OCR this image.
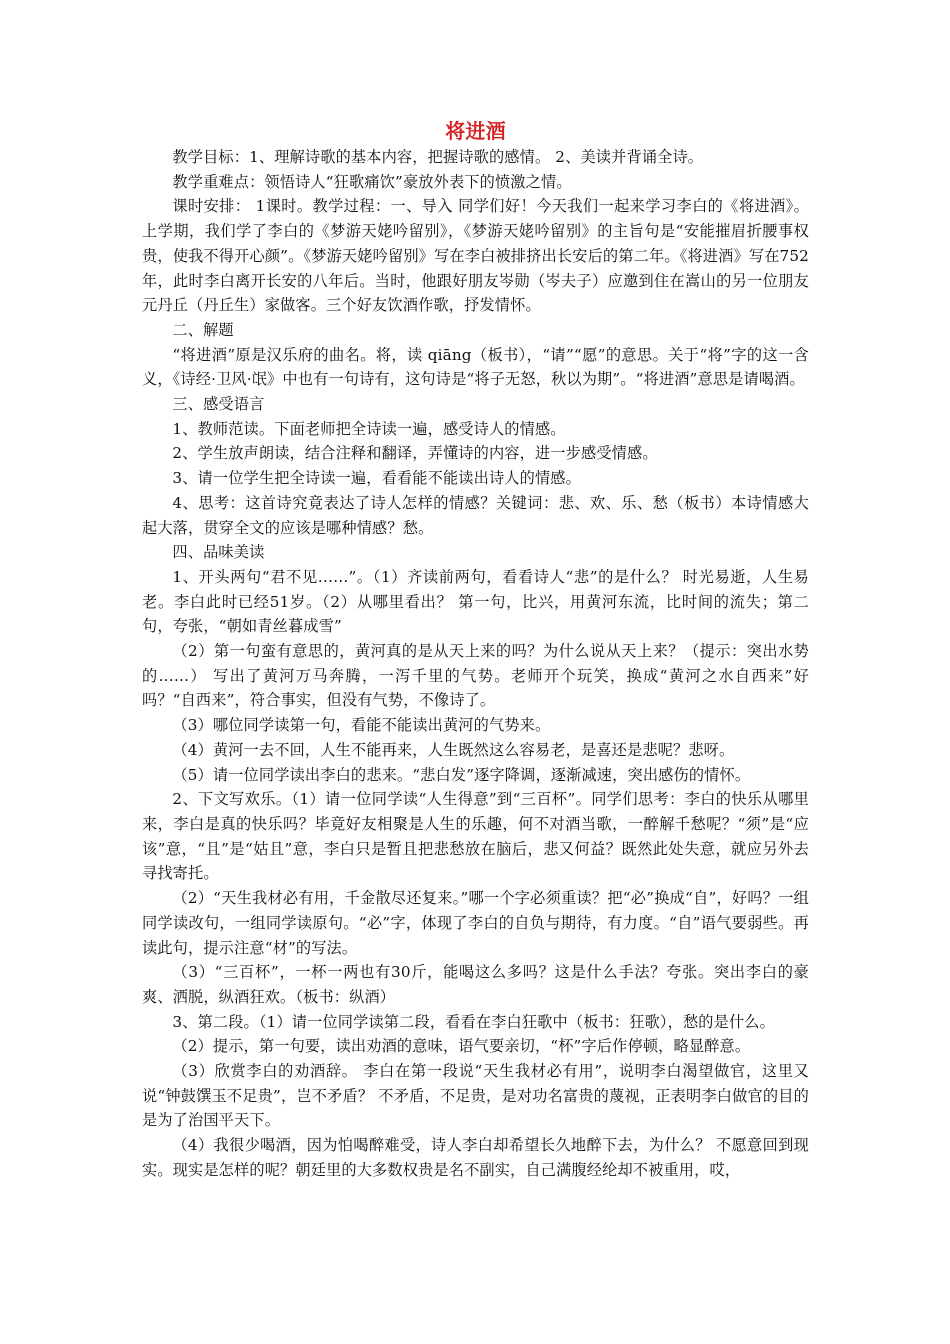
将进酒

教学目标：1、理解诗歌的基本内容，把握诗歌的感情。 2、美读并背诵全诗。

教学重难点：领悟诗人“狂歌痛饮”豪放外表下的愤激之情。

课时安排： 1课时。教学过程：一、导入 同学们好！今天我们一起来学习李白的《将进酒》。上学期，我们学了李白的《梦游天姥吟留别》，《梦游天姥吟留别》的主旨句是“安能摧眉折腰事权贵，使我不得开心颜”。《梦游天姥吟留别》写在李白被排挤出长安后的第二年。《将进酒》写在752年，此时李白离开长安的八年后。当时，他跟好朋友岑勋（岑夫子）应邀到住在嵩山的另一位朋友元丹丘（丹丘生）家做客。三个好友饮酒作歌，抒发情怀。

二、解题

“将进酒”原是汉乐府的曲名。将，读 qiāng（板书），“请”“愿”的意思。关于“将”字的这一含义，《诗经·卫风·氓》中也有一句诗有，这句诗是“将子无怒，秋以为期”。“将进酒”意思是请喝酒。

三、感受语言

1、教师范读。下面老师把全诗读一遍，感受诗人的情感。

2、学生放声朗读，结合注释和翻译，弄懂诗的内容，进一步感受情感。

3、请一位学生把全诗读一遍，看看能不能读出诗人的情感。

4、思考：这首诗究竟表达了诗人怎样的情感？关键词：悲、欢、乐、愁（板书）本诗情感大起大落，贯穿全文的应该是哪种情感？愁。

四、品味美读

1、开头两句“君不见……”。（1）齐读前两句，看看诗人“悲”的是什么？ 时光易逝，人生易老。李白此时已经51岁。（2）从哪里看出？ 第一句，比兴，用黄河东流，比时间的流失；第二句，夸张，“朝如青丝暮成雪”

（2）第一句蛮有意思的，黄河真的是从天上来的吗？为什么说从天上来？（提示：突出水势的……） 写出了黄河万马奔腾，一泻千里的气势。老师开个玩笑，换成“黄河之水自西来”好吗？“自西来”，符合事实，但没有气势，不像诗了。

（3）哪位同学读第一句，看能不能读出黄河的气势来。

（4）黄河一去不回，人生不能再来，人生既然这么容易老，是喜还是悲呢？悲呀。

（5）请一位同学读出李白的悲来。“悲白发”逐字降调，逐渐减速，突出感伤的情怀。

2、下文写欢乐。（1）请一位同学读“人生得意”到“三百杯”。同学们思考：李白的快乐从哪里来，李白是真的快乐吗？毕竟好友相聚是人生的乐趣，何不对酒当歌，一醉解千愁呢？“须”是“应该”意，“且”是“姑且”意，李白只是暂且把悲愁放在脑后，悲又何益？既然此处失意，就应另外去寻找寄托。

（2）“天生我材必有用，千金散尽还复来。”哪一个字必须重读？把“必”换成“自”，好吗？一组同学读改句，一组同学读原句。“必”字，体现了李白的自负与期待，有力度。“自”语气要弱些。再读此句，提示注意“材”的写法。

（3）“三百杯”，一杯一两也有30斤，能喝这么多吗？这是什么手法？夸张。突出李白的豪爽、洒脱，纵酒狂欢。（板书：纵酒）

3、第二段。（1）请一位同学读第二段，看看在李白狂歌中（板书：狂歌），愁的是什么。

（2）提示，第一句要，读出劝酒的意味，语气要亲切，“杯”字后作停顿，略显醉意。

（3）欣赏李白的劝酒辞。 李白在第一段说“天生我材必有用”，说明李白渴望做官，这里又说“钟鼓馔玉不足贵”，岂不矛盾？ 不矛盾，不足贵，是对功名富贵的蔑视，正表明李白做官的目的是为了治国平天下。

（4）我很少喝酒，因为怕喝醉难受，诗人李白却希望长久地醉下去，为什么？ 不愿意回到现实。现实是怎样的呢？朝廷里的大多数权贵是名不副实，自己满腹经纶却不被重用，哎，
